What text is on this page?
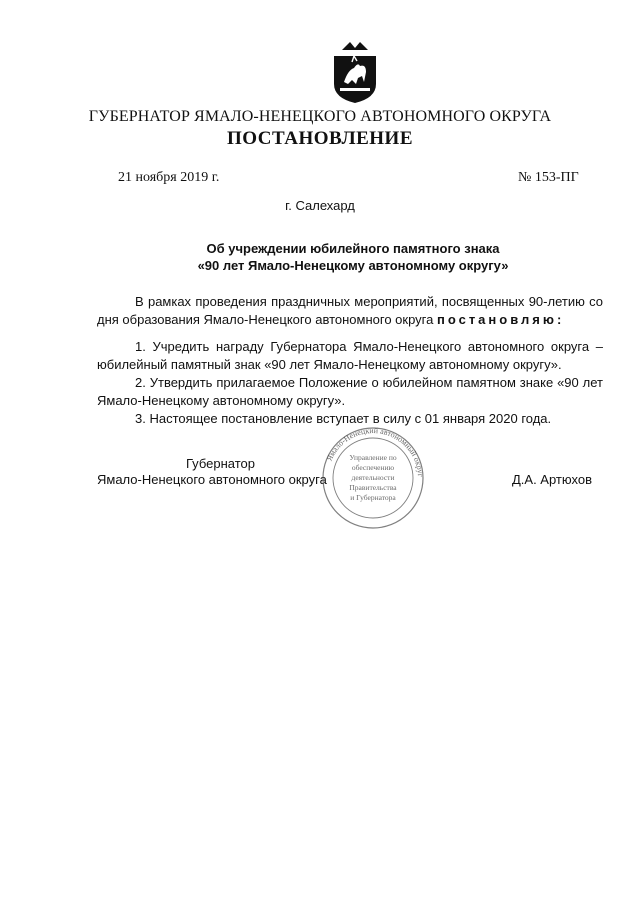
ГУБЕРНАТОР ЯМАЛО-НЕНЕЦКОГО АВТОНОМНОГО ОКРУГА
ПОСТАНОВЛЕНИЕ
21 ноября 2019 г.	№ 153-ПГ
г. Салехард
Об учреждении юбилейного памятного знака
«90 лет Ямало-Ненецкому автономному округу»
В рамках проведения праздничных мероприятий, посвященных 90-летию со дня образования Ямало-Ненецкого автономного округа постановляю:
1. Учредить награду Губернатора Ямало-Ненецкого автономного округа – юбилейный памятный знак «90 лет Ямало-Ненецкому автономному округу».
2. Утвердить прилагаемое Положение о юбилейном памятном знаке «90 лет Ямало-Ненецкому автономному округу».
3. Настоящее постановление вступает в силу с 01 января 2020 года.
Губернатор
Ямало-Ненецкого автономного округа	Д.А. Артюхов
Ямало-Ненецкий автономный округ
Управление по
обеспечению
деятельности
Правительства
и Губернатора
